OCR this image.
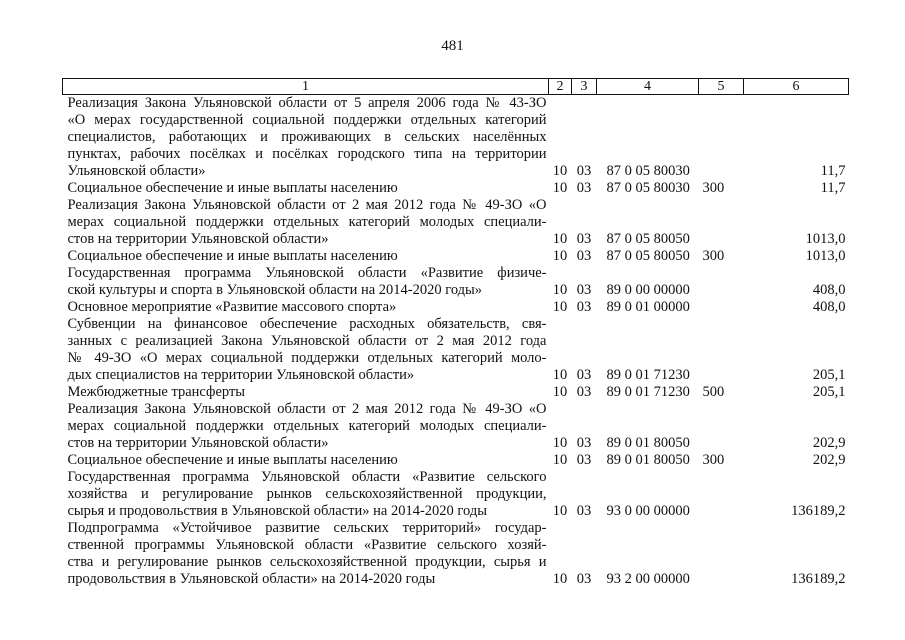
481
1	2	3	4	5	6

Реализация Закона Ульяновской области от 5 апреля 2006 года № 43-ЗО
«О мерах государственной социальной поддержки отдельных категорий
специалистов, работающих и проживающих в сельских населённых
пунктах, рабочих посёлках и посёлках городского типа на территории
Ульяновской области»	10	03	87 0 05 80030		11,7

Социальное обеспечение и иные выплаты населению	10	03	87 0 05 80030	300	11,7

Реализация Закона Ульяновской области от 2 мая 2012 года № 49-ЗО «О
мерах социальной поддержки отдельных категорий молодых специали-
стов на территории Ульяновской области»	10	03	87 0 05 80050		1013,0

Социальное обеспечение и иные выплаты населению	10	03	87 0 05 80050	300	1013,0

Государственная программа Ульяновской области «Развитие физиче-
ской культуры и спорта в Ульяновской области на 2014-2020 годы»	10	03	89 0 00 00000		408,0

Основное мероприятие «Развитие массового спорта»	10	03	89 0 01 00000		408,0

Субвенции на финансовое обеспечение расходных обязательств, свя-
занных с реализацией Закона Ульяновской области от 2 мая 2012 года
№ 49-ЗО «О мерах социальной поддержки отдельных категорий моло-
дых специалистов на территории Ульяновской области»	10	03	89 0 01 71230		205,1

Межбюджетные трансферты	10	03	89 0 01 71230	500	205,1

Реализация Закона Ульяновской области от 2 мая 2012 года № 49-ЗО «О
мерах социальной поддержки отдельных категорий молодых специали-
стов на территории Ульяновской области»	10	03	89 0 01 80050		202,9

Социальное обеспечение и иные выплаты населению	10	03	89 0 01 80050	300	202,9

Государственная программа Ульяновской области «Развитие сельского
хозяйства и регулирование рынков сельскохозяйственной продукции,
сырья и продовольствия в Ульяновской области» на 2014-2020 годы	10	03	93 0 00 00000		136189,2

Подпрограмма «Устойчивое развитие сельских территорий» государ-
ственной программы Ульяновской области «Развитие сельского хозяй-
ства и регулирование рынков сельскохозяйственной продукции, сырья и
продовольствия в Ульяновской области» на 2014-2020 годы	10	03	93 2 00 00000		136189,2
